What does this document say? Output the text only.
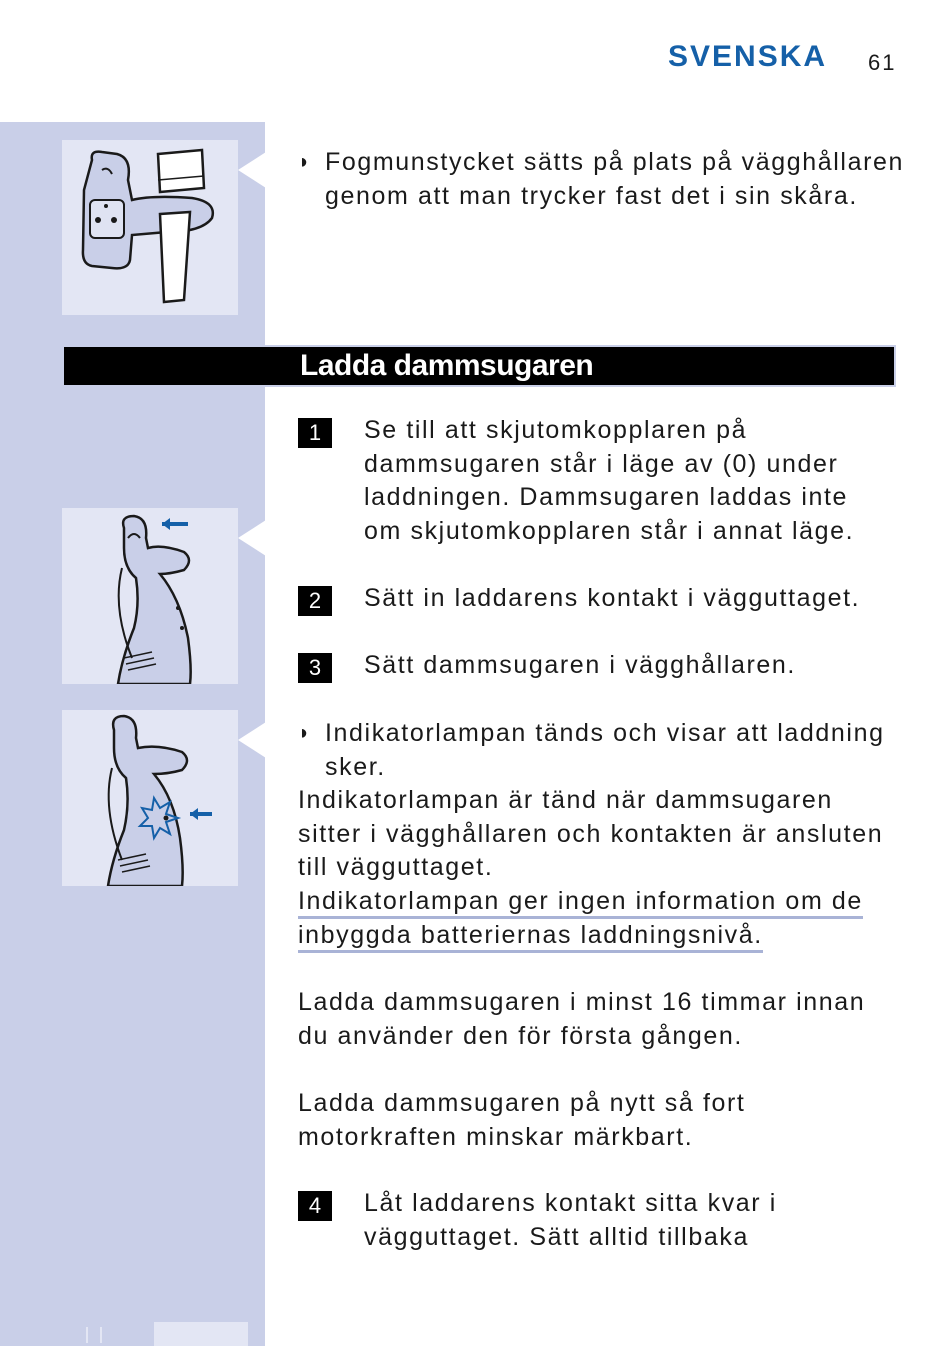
SVENSKA 61

◗ Fogmunstycket sätts på plats på vägghållaren genom att man trycker fast det i sin skåra.

Ladda dammsugaren
1	Se till att skjutomkopplaren på dammsugaren står i läge av (0) under laddningen. Dammsugaren laddas inte om skjutomkopplaren står i annat läge.

2	Sätt in laddarens kontakt i vägguttaget.

3	Sätt dammsugaren i vägghållaren.

◗ Indikatorlampan tänds och visar att laddning sker.

Indikatorlampan är tänd när dammsugaren sitter i vägghållaren och kontakten är ansluten till vägguttaget.

Indikatorlampan ger ingen information om de
inbyggda batteriernas laddningsnivå.

Ladda dammsugaren i minst 16 timmar innan du använder den för första gången.

Ladda dammsugaren på nytt så fort motorkraften minskar märkbart.

4	Låt laddarens kontakt sitta kvar i vägguttaget. Sätt alltid tillbaka
